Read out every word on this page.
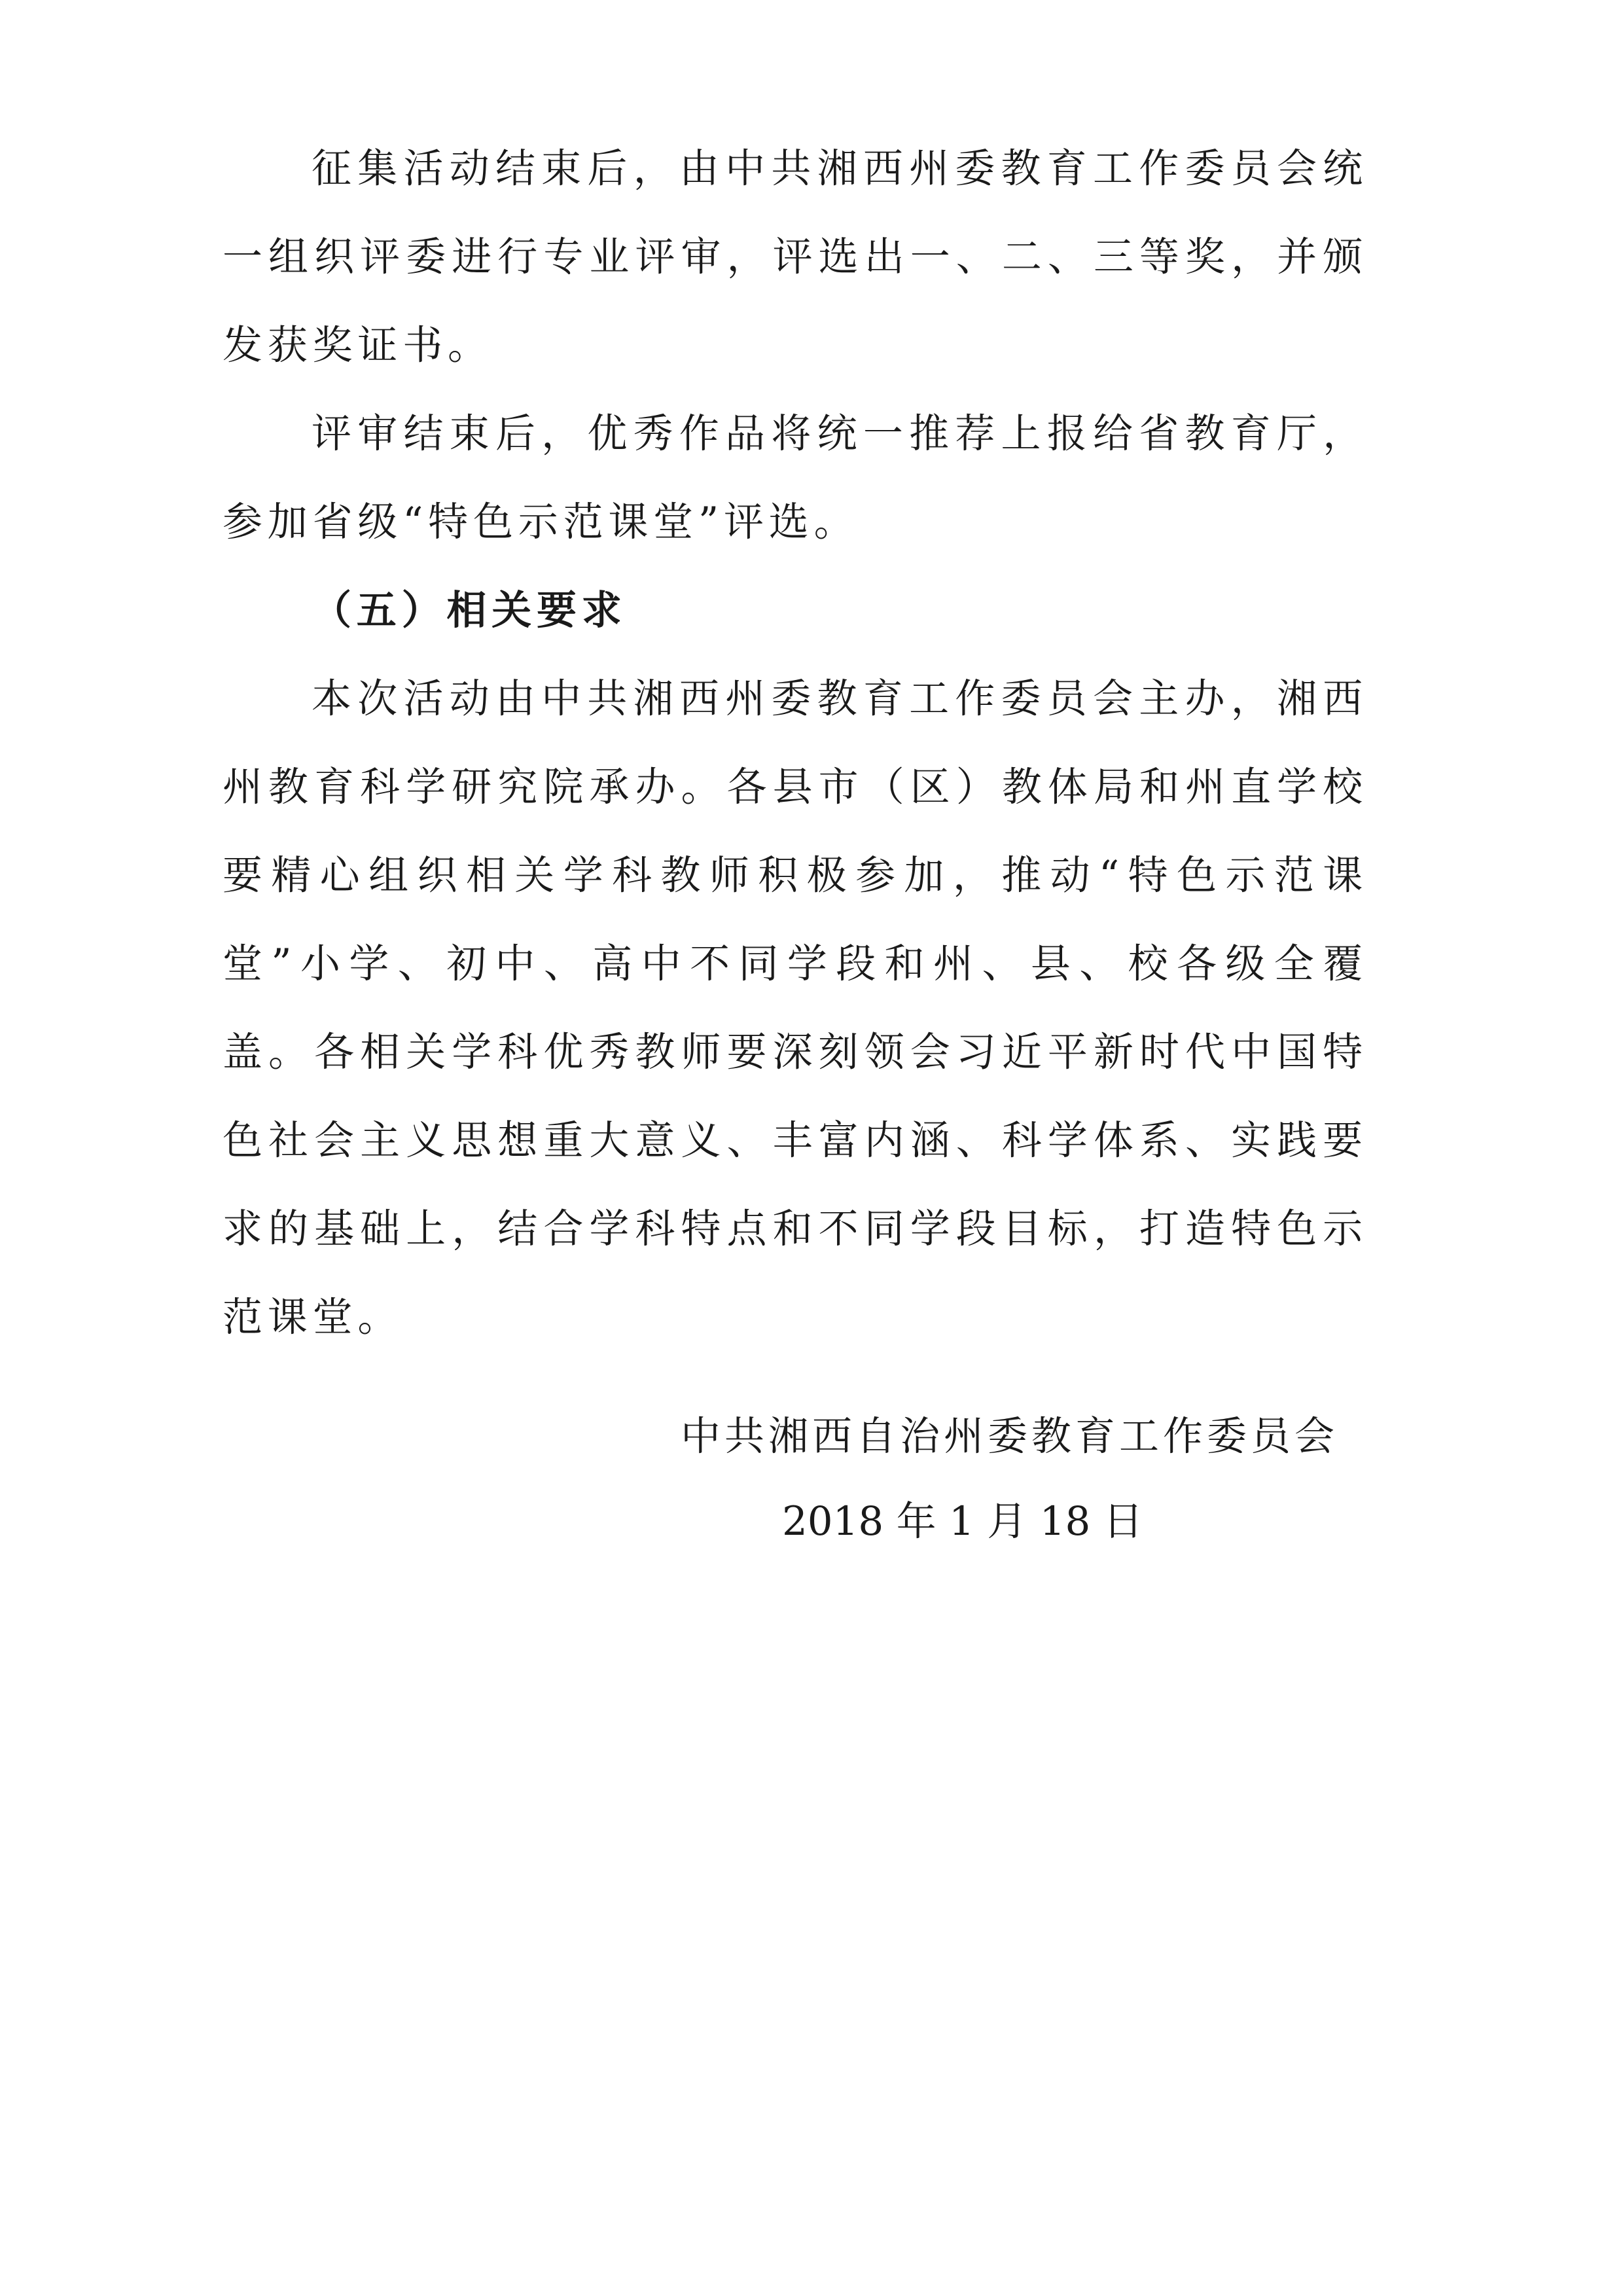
征集活动结束后，由中共湘西州委教育工作委员会统一组织评委进行专业评审，评选出一、二、三等奖，并颁发获奖证书。

评审结束后，优秀作品将统一推荐上报给省教育厅，参加省级“特色示范课堂”评选。

（五）相关要求

本次活动由中共湘西州委教育工作委员会主办，湘西州教育科学研究院承办。各县市（区）教体局和州直学校要精心组织相关学科教师积极参加，推动“特色示范课堂”小学、初中、高中不同学段和州、县、校各级全覆盖。各相关学科优秀教师要深刻领会习近平新时代中国特色社会主义思想重大意义、丰富内涵、科学体系、实践要求的基础上，结合学科特点和不同学段目标，打造特色示范课堂。

中共湘西自治州委教育工作委员会

2018 年 1 月 18 日
